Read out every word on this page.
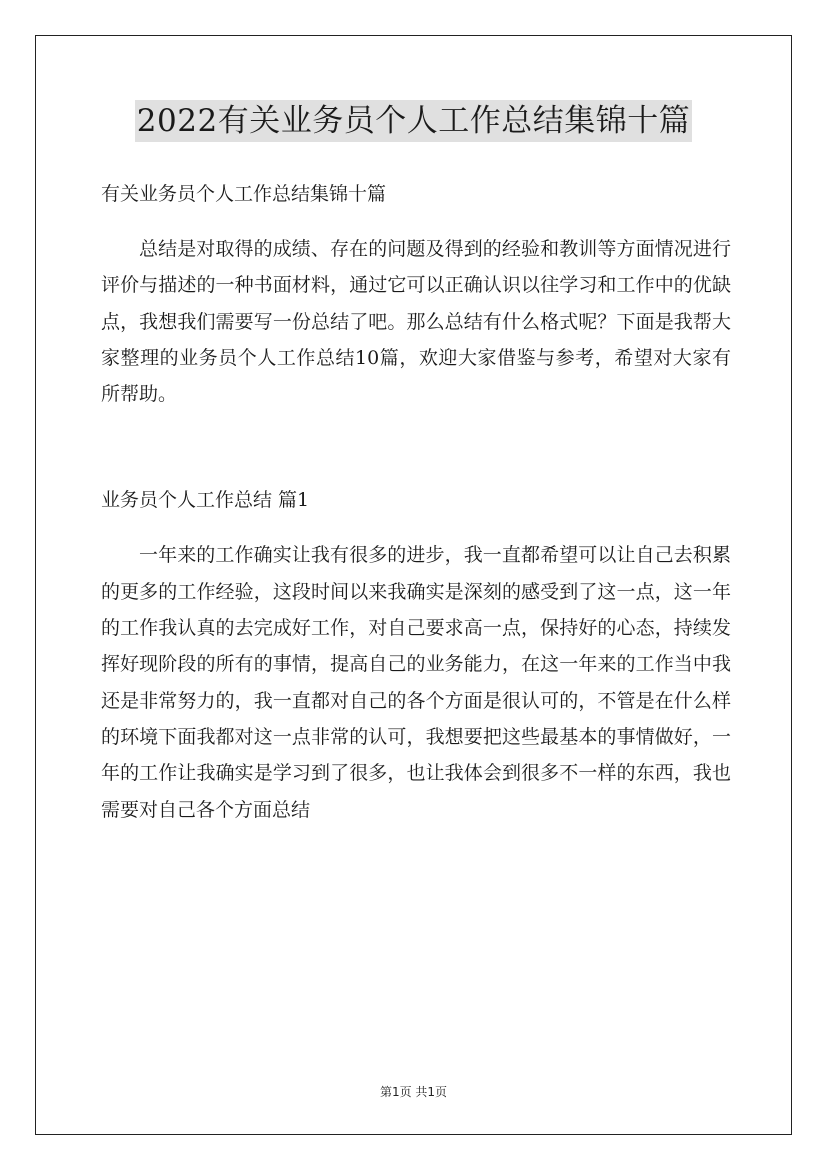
2022有关业务员个人工作总结集锦十篇

有关业务员个人工作总结集锦十篇

总结是对取得的成绩、存在的问题及得到的经验和教训等方面情况进行评价与描述的一种书面材料，通过它可以正确认识以往学习和工作中的优缺点，我想我们需要写一份总结了吧。那么总结有什么格式呢？下面是我帮大家整理的业务员个人工作总结10篇，欢迎大家借鉴与参考，希望对大家有所帮助。

业务员个人工作总结 篇1

一年来的工作确实让我有很多的进步，我一直都希望可以让自己去积累的更多的工作经验，这段时间以来我确实是深刻的感受到了这一点，这一年的工作我认真的去完成好工作，对自己要求高一点，保持好的心态，持续发挥好现阶段的所有的事情，提高自己的业务能力，在这一年来的工作当中我还是非常努力的，我一直都对自己的各个方面是很认可的，不管是在什么样的环境下面我都对这一点非常的认可，我想要把这些最基本的事情做好，一年的工作让我确实是学习到了很多，也让我体会到很多不一样的东西，我也需要对自己各个方面总结

第1页 共1页
